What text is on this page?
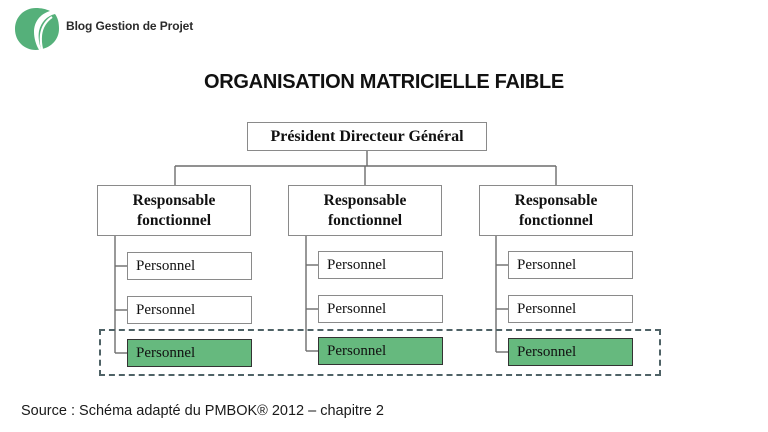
Blog Gestion de Projet
ORGANISATION MATRICIELLE FAIBLE
Président Directeur Général
Responsable fonctionnel
Responsable fonctionnel
Responsable fonctionnel
Personnel
Personnel
Personnel
Personnel
Personnel
Personnel
Personnel
Personnel
Personnel
Source : Schéma adapté du PMBOK® 2012 – chapitre 2
